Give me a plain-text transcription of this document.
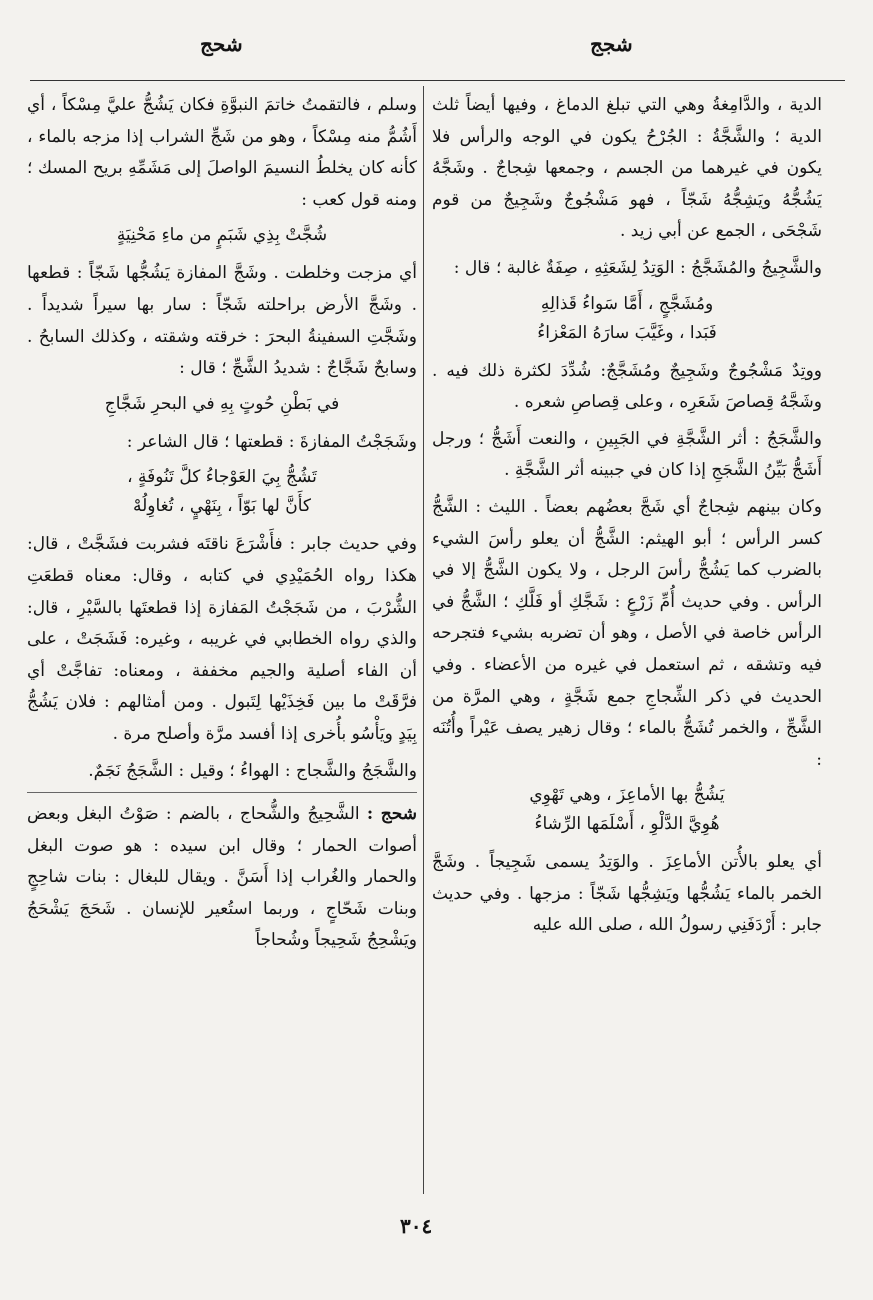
شحج	شجج

الدية ، والدَّامِغةُ وهي التي تبلغ الدماغ ، وفيها أيضاً ثلث الدية ؛ والشَّجَّةُ : الجُرْحُ يكون في الوجه والرأس فلا يكون في غيرهما من الجسم ، وجمعها شِجاجٌ . وشَجَّهُ يَشُجُّهُ ويَشِجُّهُ شَجّاً ، فهو مَشْجُوجٌ وشَجِيجٌ من قوم شَجْحَى ، الجمع عن أبي زيد .

والشَّجِيجُ والمُشَجَّجُ : الوَتِدُ لِشَعَثِهِ ، صِفَةٌ غالبة ؛ قال :

ومُشَجَّجٍ ، أَمَّا سَواءُ قَذالِهِ
فَبَدا ، وغَيَّبَ سارَهُ المَعْزاءُ

ووتِدٌ مَشْجُوجٌ وشَجِيجٌ ومُشَجَّجٌ: شُدِّدَ لكثرة ذلك فيه . وشَجَّهُ قِصاصَ شَعَرِه ، وعلى قِصاصِ شعره .

والشَّجَجُ : أثر الشَّجَّةِ في الجَبِينِ ، والنعت أَشَجُّ ؛ ورجل أَشَجُّ بَيِّنُ الشَّجَجِ إذا كان في جبينه أثر الشَّجَّةِ .

وكان بينهم شِجاجٌ أي شَجَّ بعضُهم بعضاً . الليث : الشَّجُّ كسر الرأس ؛ أبو الهيثم: الشَّجُّ أن يعلو رأسَ الشيء بالضرب كما يَشُجُّ رأسَ الرجل ، ولا يكون الشَّجُّ إلا في الرأس . وفي حديث أُمِّ زَرْعٍ : شَجَّكِ أو فَلَّكِ ؛ الشَّجُّ في الرأس خاصة في الأصل ، وهو أن تضربه بشيء فتجرحه فيه وتشقه ، ثم استعمل في غيره من الأعضاء . وفي الحديث في ذكر الشِّجاجِ جمع شَجَّةٍ ، وهي المرَّة من الشَّجِّ ، والخمر تُشَجُّ بالماء ؛ وقال زهير يصف عَيْراً وأُتُنَه :

يَشُجُّ بها الأماعِزَ ، وهي تَهْوِي
هُوِيَّ الدَّلْوِ ، أَسْلَمَها الرِّشاءُ

أي يعلو بالأُتن الأماعِزَ . والوَتِدُ يسمى شَجِيجاً . وشَجَّ الخمر بالماء يَشُجُّها ويَشِجُّها شَجّاً : مزجها . وفي حديث جابر : أَرْدَفَنِي رسولُ الله ، صلى الله عليه

وسلم ، فالتقمتُ خاتمَ النبوَّةِ فكان يَشُجُّ عليَّ مِسْكاً ، أي أَشُمُّ منه مِسْكاً ، وهو من شَجِّ الشراب إذا مزجه بالماء ، كأنه كان يخلطُ النسيمَ الواصلَ إلى مَشَمِّهِ بريح المسك ؛ ومنه قول كعب :

شُجَّتْ بِذِي شَبَمٍ من ماءِ مَحْنِيَةٍ

أي مزجت وخلطت . وشَجَّ المفازة يَشُجُّها شَجّاً : قطعها . وشَجَّ الأرض براحلته شَجّاً : سار بها سيراً شديداً . وشَجَّتِ السفينةُ البحرَ : خرقته وشقته ، وكذلك السابحُ . وسابحٌ شَجَّاجٌ : شديدُ الشَّجِّ ؛ قال :

في بَطْنِ حُوتٍ بِهِ في البحرِ شَجَّاجِ

وشَجَجْتُ المفازةَ : قطعتها ؛ قال الشاعر :

تَشُجُّ بِيَ العَوْجاءُ كلَّ تَنُوفَةٍ ،
كأَنَّ لها بَوّاً ، بِنَهْيٍ ، تُغاوِلُهْ

وفي حديث جابر : فأَشْرَعَ ناقتَه فشربت فشَجَّتْ ، قال: هكذا رواه الحُمَيْدِي في كتابه ، وقال: معناه قطعَتِ الشُّرْبَ ، من شَجَجْتُ المَفازة إذا قطعتَها بالسَّيْرِ ، قال: والذي رواه الخطابي في غريبه ، وغيره: فَشَجَتْ ، على أن الفاء أصلية والجيم مخففة ، ومعناه: تفاجَّتْ أي فرَّقَتْ ما بين فَخِذَيْها لِتَبول . ومن أمثالهم : فلان يَشُجُّ بِيَدٍ ويَأْسُو بأُخرى إذا أفسد مرَّة وأصلح مرة .

والشَّجَجُ والشَّجاج : الهواءُ ؛ وقيل : الشَّجَجُ نَجَمٌ.

شحج : الشَّحِيجُ والشُّحاج ، بالضم : صَوْتُ البغل وبعض أصوات الحمار ؛ وقال ابن سيده : هو صوت البغل والحمار والغُراب إذا أَسَنَّ . ويقال للبغال : بنات شاحِجٍ وبنات شَحّاجٍ ، وربما استُعير للإنسان . شَحَجَ يَشْحَجُ ويَشْحِجُ شَحِيجاً وشُحاجاً

٣٠٤
